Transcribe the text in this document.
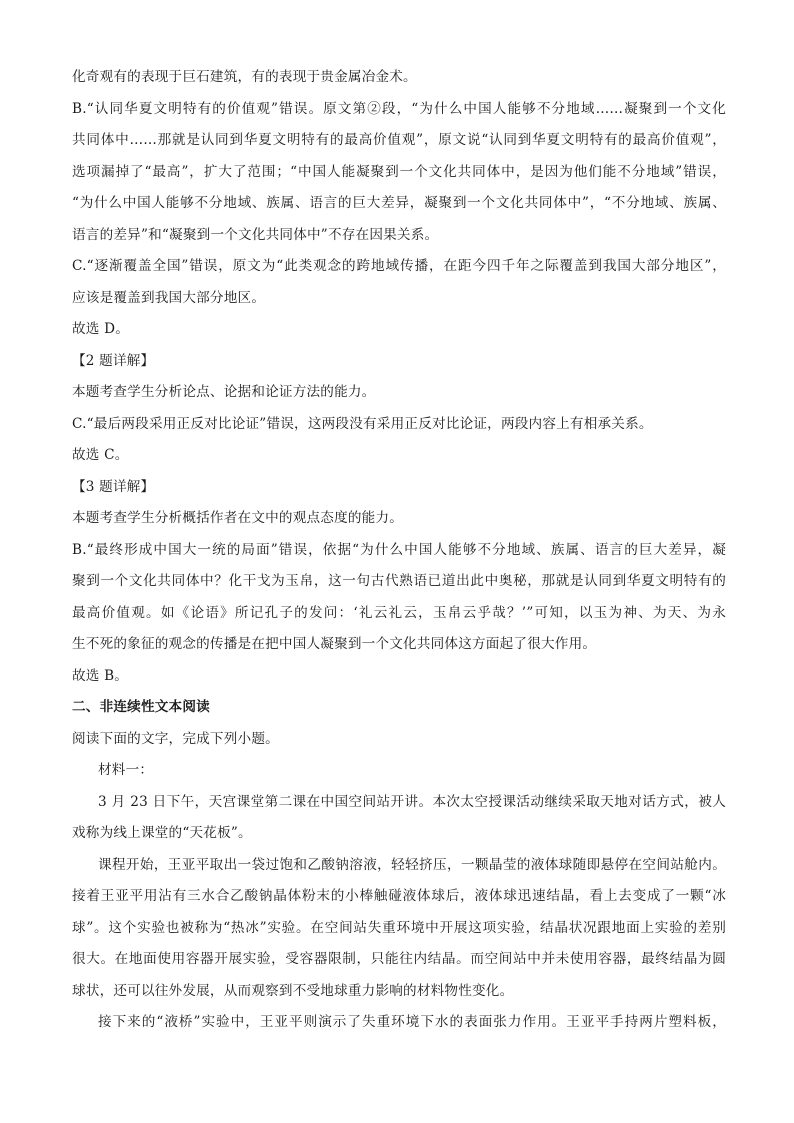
化奇观有的表现于巨石建筑，有的表现于贵金属冶金术。

B.“认同华夏文明特有的价值观”错误。原文第②段，“为什么中国人能够不分地域……凝聚到一个文化

共同体中……那就是认同到华夏文明特有的最高价值观”，原文说“认同到华夏文明特有的最高价值观”，

选项漏掉了“最高”，扩大了范围；“中国人能凝聚到一个文化共同体中，是因为他们能不分地域”错误，

“为什么中国人能够不分地域、族属、语言的巨大差异，凝聚到一个文化共同体中”，“不分地域、族属、

语言的差异”和“凝聚到一个文化共同体中”不存在因果关系。

C.“逐渐覆盖全国”错误，原文为“此类观念的跨地域传播，在距今四千年之际覆盖到我国大部分地区”，

应该是覆盖到我国大部分地区。

故选 D。

【2 题详解】

本题考查学生分析论点、论据和论证方法的能力。

C.“最后两段采用正反对比论证”错误，这两段没有采用正反对比论证，两段内容上有相承关系。

故选 C。

【3 题详解】

本题考查学生分析概括作者在文中的观点态度的能力。

B.“最终形成中国大一统的局面”错误，依据“为什么中国人能够不分地域、族属、语言的巨大差异，凝

聚到一个文化共同体中？化干戈为玉帛，这一句古代熟语已道出此中奥秘，那就是认同到华夏文明特有的

最高价值观。如《论语》所记孔子的发问：‘礼云礼云，玉帛云乎哉？’”可知，以玉为神、为天、为永

生不死的象征的观念的传播是在把中国人凝聚到一个文化共同体这方面起了很大作用。

故选 B。

二、非连续性文本阅读

阅读下面的文字，完成下列小题。

材料一：

3 月 23 日下午，天宫课堂第二课在中国空间站开讲。本次太空授课活动继续采取天地对话方式，被人

戏称为线上课堂的“天花板”。

课程开始，王亚平取出一袋过饱和乙酸钠溶液，轻轻挤压，一颗晶莹的液体球随即悬停在空间站舱内。

接着王亚平用沾有三水合乙酸钠晶体粉末的小棒触碰液体球后，液体球迅速结晶，看上去变成了一颗“冰

球”。这个实验也被称为“热冰”实验。在空间站失重环境中开展这项实验，结晶状况跟地面上实验的差别

很大。在地面使用容器开展实验，受容器限制，只能往内结晶。而空间站中并未使用容器，最终结晶为圆

球状，还可以往外发展，从而观察到不受地球重力影响的材料物性变化。

接下来的“液桥”实验中，王亚平则演示了失重环境下水的表面张力作用。王亚平手持两片塑料板，
